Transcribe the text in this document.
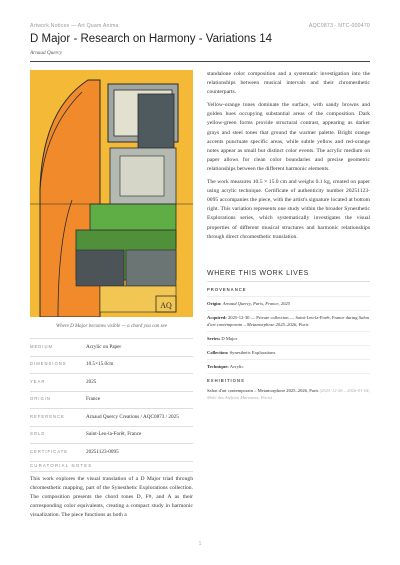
Artwork Notices — Art Quam Anima	AQC0873 · NTC-000470
D Major - Research on Harmony - Variations 14
Arnaud Quercy
AQ
Where D Major becomes visible — a chord you can see
MEDIUM	Acrylic on Paper
DIMENSIONS	10.5×15.0cm
YEAR	2025
ORIGIN	France
REFERENCE	Arnaud Quercy Creations / AQC0873 / 2025
SOLD	Saint-Leu-la-Forêt, France
CERTIFICATE	20251123-0095
CURATORIAL NOTES
This work explores the visual translation of a D Major triad through chromesthetic mapping, part of the Synesthetic Explorations collection. The composition presents the chord tones D, F#, and A as their corresponding color equivalents, creating a compact study in harmonic visualization. The piece functions as both a

standalone color composition and a systematic investigation into the relationships between musical intervals and their chromesthetic counterparts.

Yellow-orange tones dominate the surface, with sandy browns and golden hues occupying substantial areas of the composition. Dark yellow-green forms provide structural contrast, appearing as darker grays and steel tones that ground the warmer palette. Bright orange accents punctuate specific areas, while subtle yellow and red-orange notes appear as small but distinct color events. The acrylic medium on paper allows for clean color boundaries and precise geometric relationships between the different harmonic elements.

The work measures 10.5 × 15.0 cm and weighs 0.1 kg, created on paper using acrylic technique. Certificate of authenticity number 20251123-0095 accompanies the piece, with the artist's signature located at bottom right. This variation represents one study within the broader Synesthetic Explorations series, which systematically investigates the visual properties of different musical structures and harmonic relationships through direct chromesthetic translation.

WHERE THIS WORK LIVES
PROVENANCE
Origin: Arnaud Quercy, Paris, France, 2025
Acquired: 2025-12-30 — Private collection — Saint-Leu-la-Forêt, France during Salon d'art contemporain – Metamorphose 2025–2026, Paris
Series: D Major
Collection: Synesthetic Explorations
Technique: Acrylic
EXHIBITIONS
Salon d'art contemporain – Metamorphose 2025–2026, Paris (2025-12-26 – 2026-01-04, Molé des Ateliers Marennes, Paris)
1
